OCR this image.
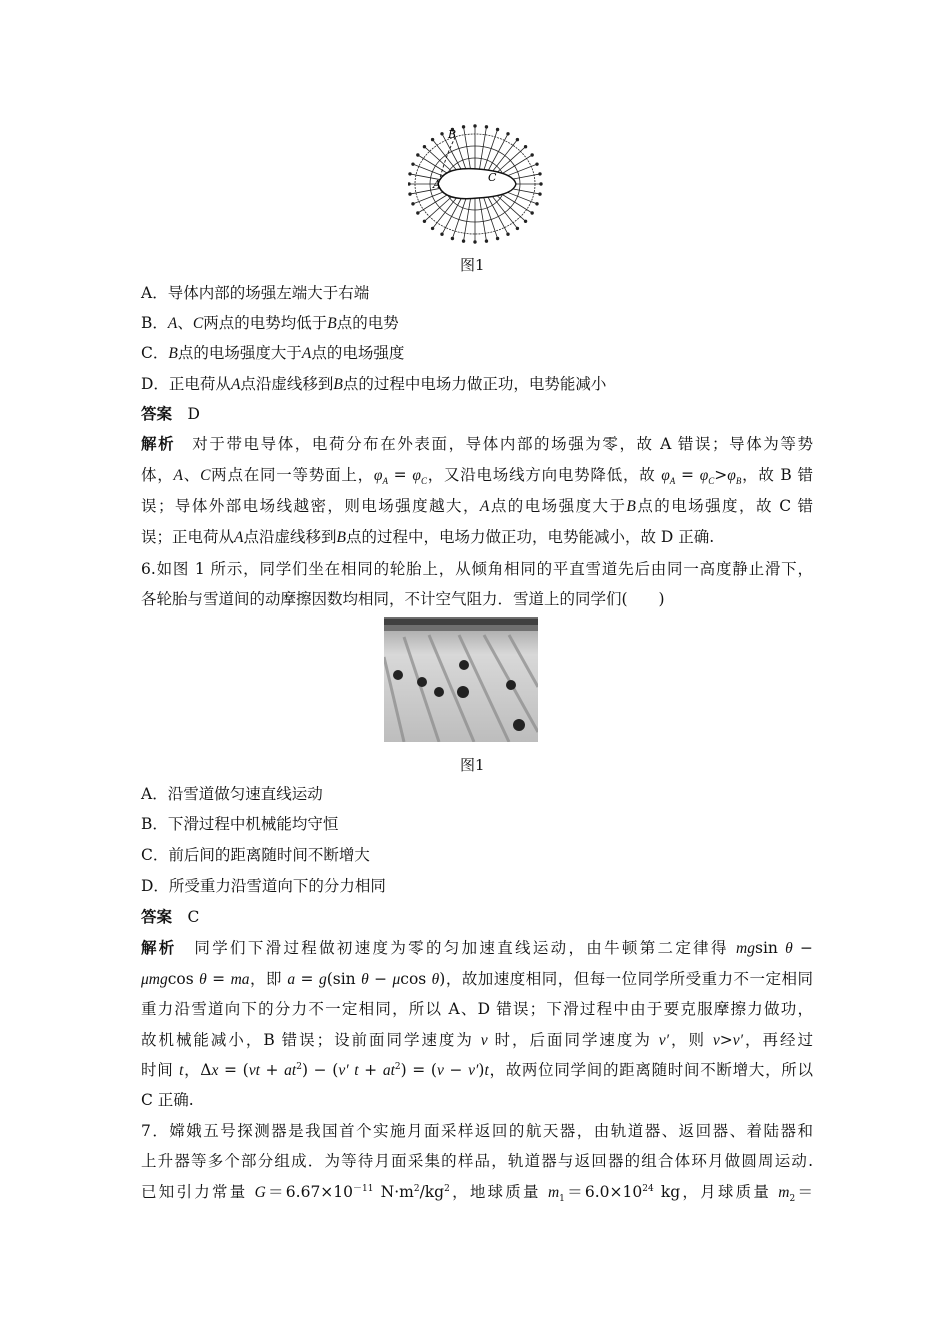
A
B
C
图1
图1
A．导体内部的场强左端大于右端
B．A、C两点的电势均低于B点的电势
C．B点的电场强度大于A点的电场强度
D．正电荷从A点沿虚线移到B点的过程中电场力做正功，电势能减小
答案　D
解析　对于带电导体，电荷分布在外表面，导体内部的场强为零，故 A 错误；导体为等势
体，A、C两点在同一等势面上，$\varphi_A = \varphi_C$，又沿电场线方向电势降低，故 $\varphi_A = \varphi_C>\varphi_B$，故 B 错
误；导体外部电场线越密，则电场强度越大，A点的电场强度大于B点的电场强度，故 C 错
误；正电荷从A点沿虚线移到B点的过程中，电场力做正功，电势能减小，故 D 正确.
6.如图 1 所示，同学们坐在相同的轮胎上，从倾角相同的平直雪道先后由同一高度静止滑下，
各轮胎与雪道间的动摩擦因数均相同，不计空气阻力．雪道上的同学们(　　)
A．沿雪道做匀速直线运动
B．下滑过程中机械能均守恒
C．前后间的距离随时间不断增大
D．所受重力沿雪道向下的分力相同
答案　C
解析　同学们下滑过程做初速度为零的匀加速直线运动，由牛顿第二定律得 mgsin θ −
μmgcos θ = ma，即 a = g(sin θ − μcos θ)，故加速度相同，但每一位同学所受重力不一定相同
重力沿雪道向下的分力不一定相同，所以 A、D 错误；下滑过程中由于要克服摩擦力做功，
故机械能减小，B 错误；设前面同学速度为 v 时，后面同学速度为 v′，则 v>v′，再经过
时间 t，$\Delta x = (vt + at^2) - (v'$ $t + at^2) = (v - v')t$，故两位同学间的距离随时间不断增大，所以
C 正确.
7．嫦娥五号探测器是我国首个实施月面采样返回的航天器，由轨道器、返回器、着陆器和
上升器等多个部分组成．为等待月面采集的样品，轨道器与返回器的组合体环月做圆周运动.
已知引力常量 $G=6.67\times 10^{-11}$ $N\cdot m^2/kg^2$，地球质量 $m_1=6.0\times 10^{24}$ kg，月球质量 $m_2=$
